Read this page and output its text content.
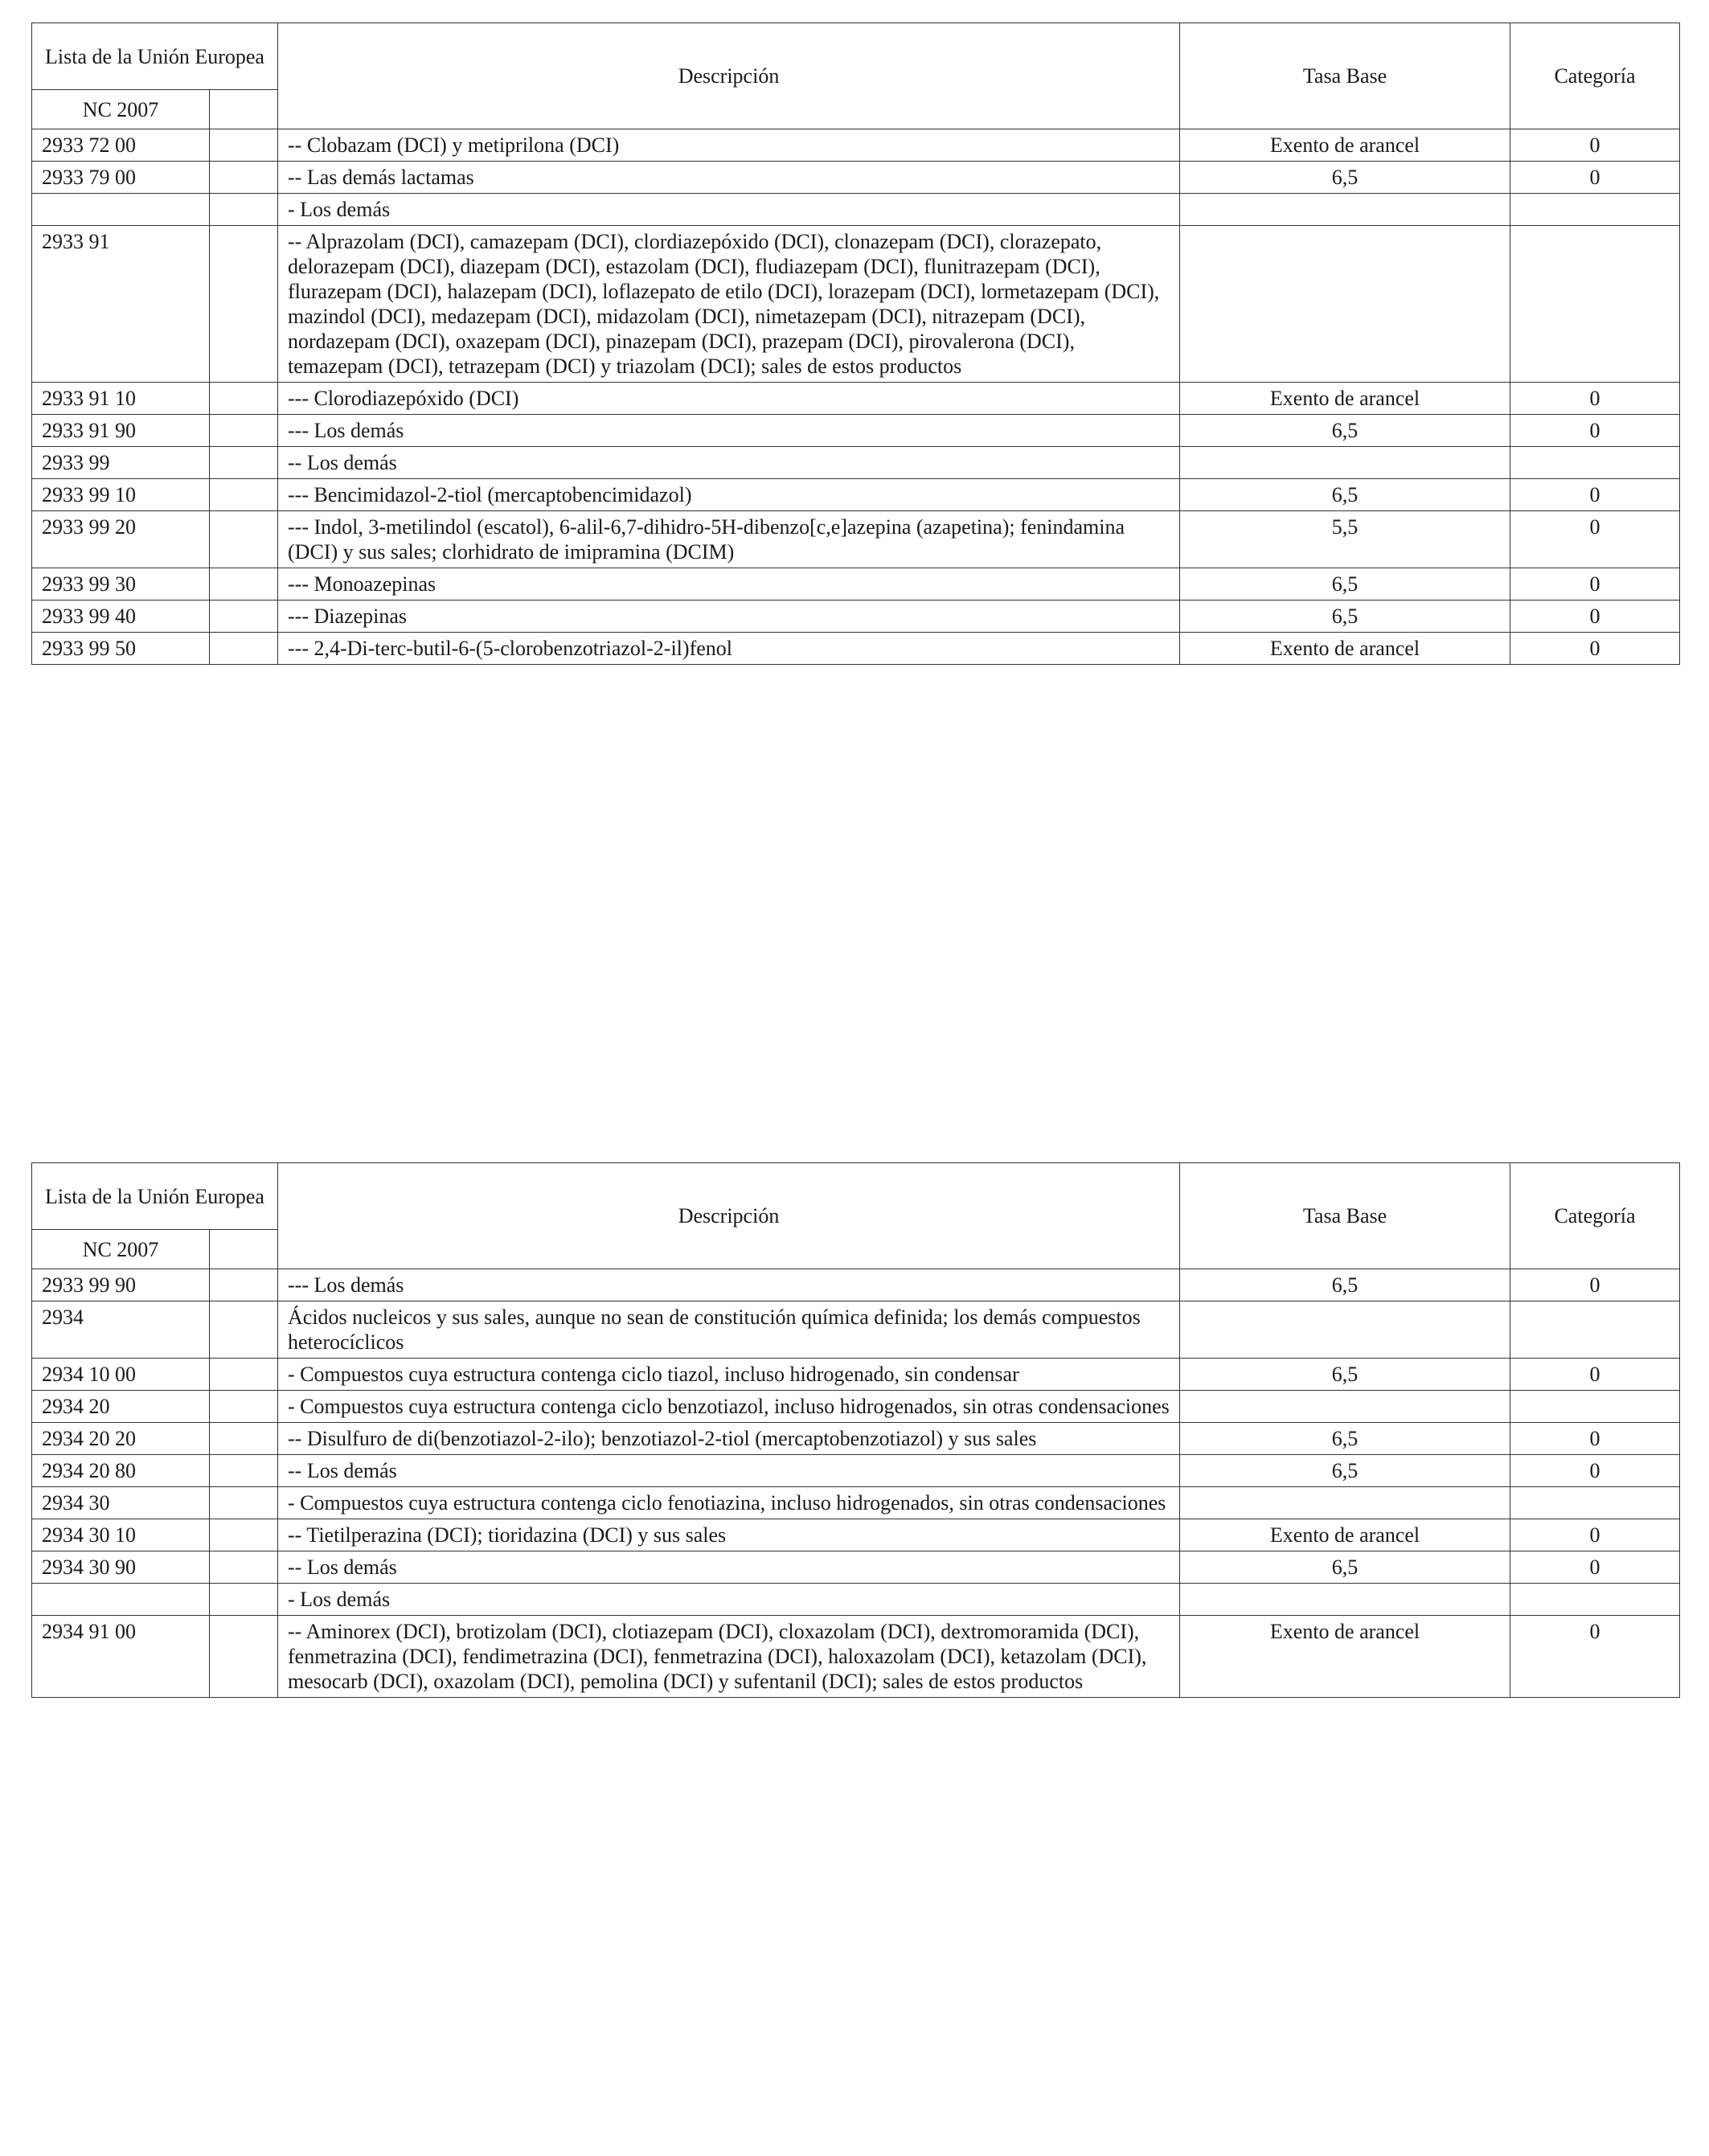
Lista de la Unión Europea		Descripción	Tasa Base	Categoría
NC 2007				
2933 72 00		-- Clobazam (DCI) y metiprilona (DCI)	Exento de arancel	0
2933 79 00		-- Las demás lactamas	6,5	0
		- Los demás		
2933 91		-- Alprazolam (DCI), camazepam (DCI), clordiazepóxido (DCI), clonazepam (DCI), clorazepato, delorazepam (DCI), diazepam (DCI), estazolam (DCI), fludiazepam (DCI), flunitrazepam (DCI), flurazepam (DCI), halazepam (DCI), loflazepato de etilo (DCI), lorazepam (DCI), lormetazepam (DCI), mazindol (DCI), medazepam (DCI), midazolam (DCI), nimetazepam (DCI), nitrazepam (DCI), nordazepam (DCI), oxazepam (DCI), pinazepam (DCI), prazepam (DCI), pirovalerona (DCI), temazepam (DCI), tetrazepam (DCI) y triazolam (DCI); sales de estos productos		
2933 91 10		--- Clorodiazepóxido (DCI)	Exento de arancel	0
2933 91 90		--- Los demás	6,5	0
2933 99		-- Los demás		
2933 99 10		--- Bencimidazol-2-tiol (mercaptobencimidazol)	6,5	0
2933 99 20		--- Indol, 3-metilindol (escatol), 6-alil-6,7-dihidro-5H-dibenzo[c,e]azepina (azapetina); fenindamina (DCI) y sus sales; clorhidrato de imipramina (DCIM)	5,5	0
2933 99 30		--- Monoazepinas	6,5	0
2933 99 40		--- Diazepinas	6,5	0
2933 99 50		--- 2,4-Di-terc-butil-6-(5-clorobenzotriazol-2-il)fenol	Exento de arancel	0
Lista de la Unión Europea		Descripción	Tasa Base	Categoría
NC 2007				
2933 99 90		--- Los demás	6,5	0
2934		Ácidos nucleicos y sus sales, aunque no sean de constitución química definida; los demás compuestos heterocíclicos		
2934 10 00		- Compuestos cuya estructura contenga ciclo tiazol, incluso hidrogenado, sin condensar	6,5	0
2934 20		- Compuestos cuya estructura contenga ciclo benzotiazol, incluso hidrogenados, sin otras condensaciones		
2934 20 20		-- Disulfuro de di(benzotiazol-2-ilo); benzotiazol-2-tiol (mercaptobenzotiazol) y sus sales	6,5	0
2934 20 80		-- Los demás	6,5	0
2934 30		- Compuestos cuya estructura contenga ciclo fenotiazina, incluso hidrogenados, sin otras condensaciones		
2934 30 10		-- Tietilperazina (DCI); tioridazina (DCI) y sus sales	Exento de arancel	0
2934 30 90		-- Los demás	6,5	0
		- Los demás		
2934 91 00		-- Aminorex (DCI), brotizolam (DCI), clotiazepam (DCI), cloxazolam (DCI), dextromoramida (DCI), fenmetrazina (DCI), fendimetrazina (DCI), fenmetrazina (DCI), haloxazolam (DCI), ketazolam (DCI), mesocarb (DCI), oxazolam (DCI), pemolina (DCI) y sufentanil (DCI); sales de estos productos	Exento de arancel	0
